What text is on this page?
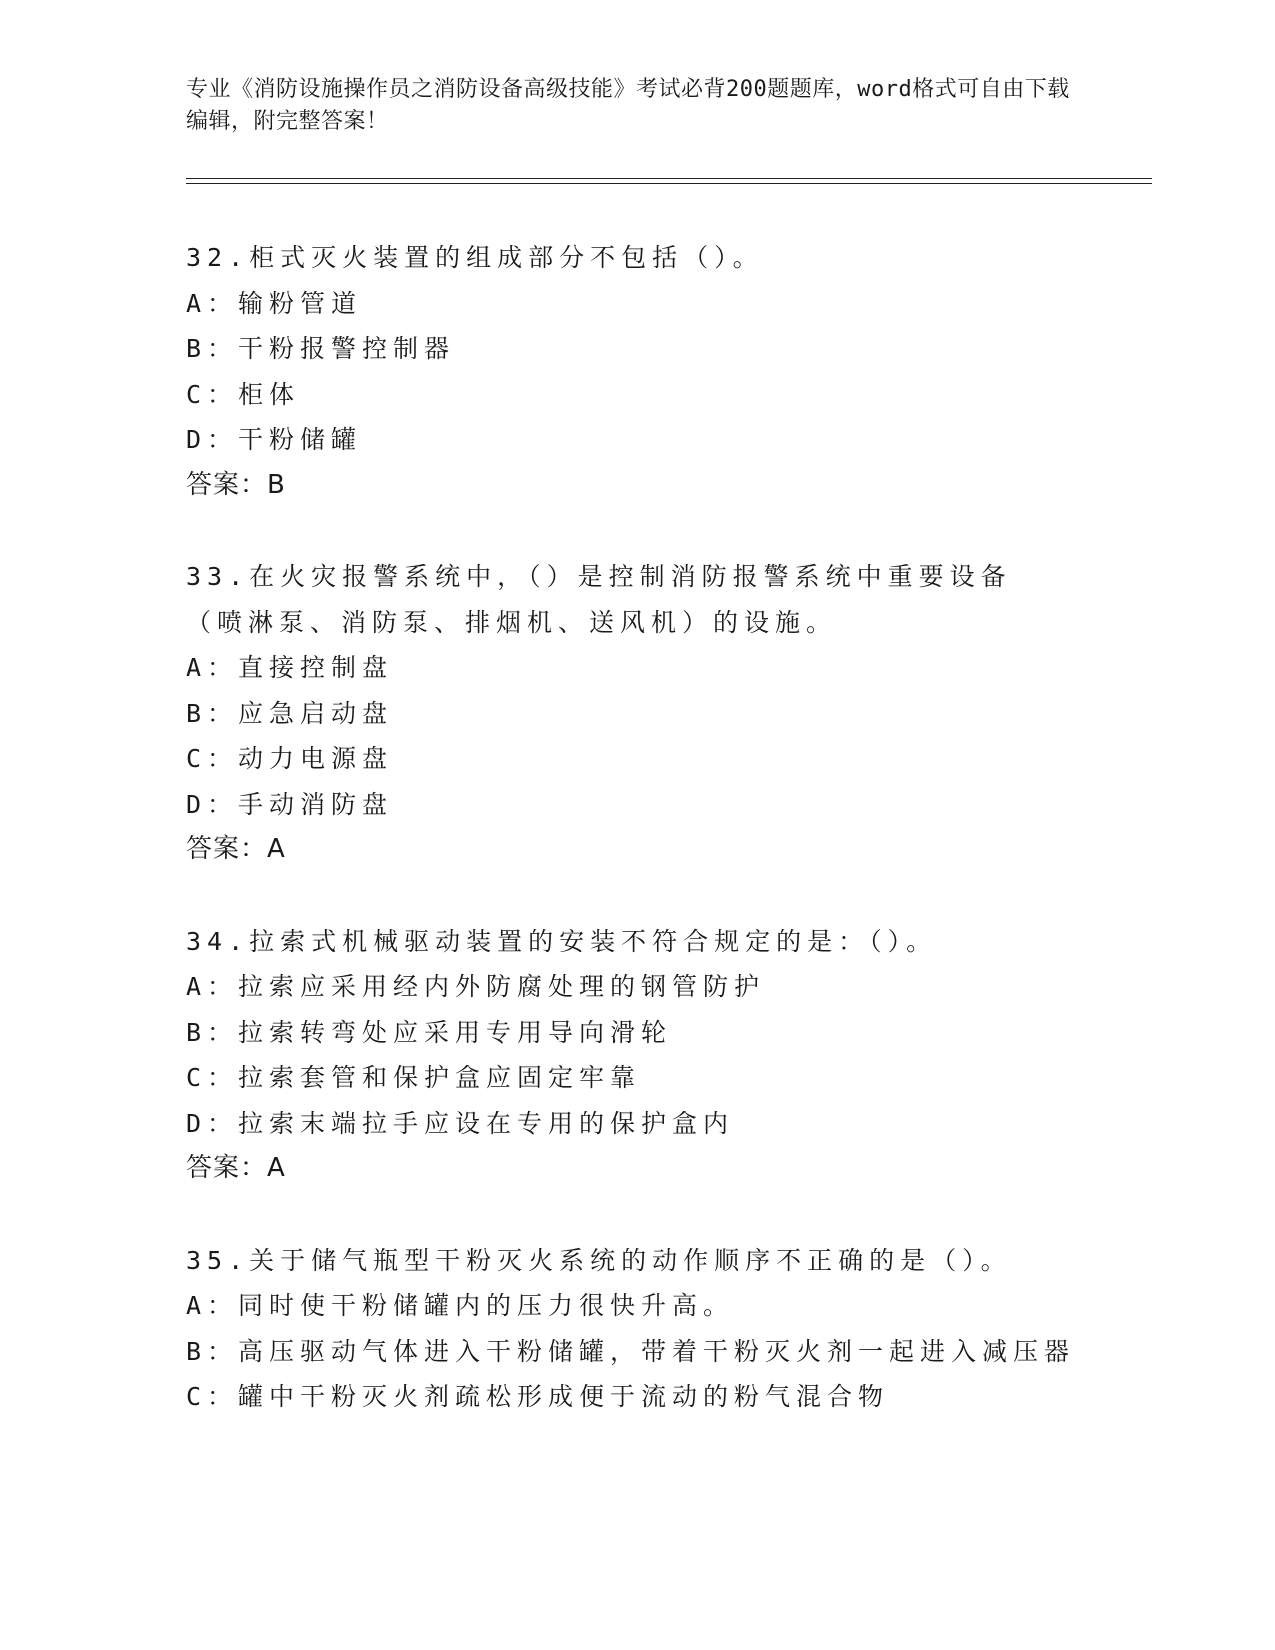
专业《消防设施操作员之消防设备高级技能》考试必背200题题库，word格式可自由下载编辑，附完整答案！
32.柜式灭火装置的组成部分不包括（）。
A：输粉管道
B：干粉报警控制器
C：柜体
D：干粉储罐
答案：B
33.在火灾报警系统中，（）是控制消防报警系统中重要设备（喷淋泵、消防泵、排烟机、送风机）的设施。
A：直接控制盘
B：应急启动盘
C：动力电源盘
D：手动消防盘
答案：A
34.拉索式机械驱动装置的安装不符合规定的是：（）。
A：拉索应采用经内外防腐处理的钢管防护
B：拉索转弯处应采用专用导向滑轮
C：拉索套管和保护盒应固定牢靠
D：拉索末端拉手应设在专用的保护盒内
答案：A
35.关于储气瓶型干粉灭火系统的动作顺序不正确的是（）。
A：同时使干粉储罐内的压力很快升高。
B：高压驱动气体进入干粉储罐，带着干粉灭火剂一起进入减压器
C：罐中干粉灭火剂疏松形成便于流动的粉气混合物
